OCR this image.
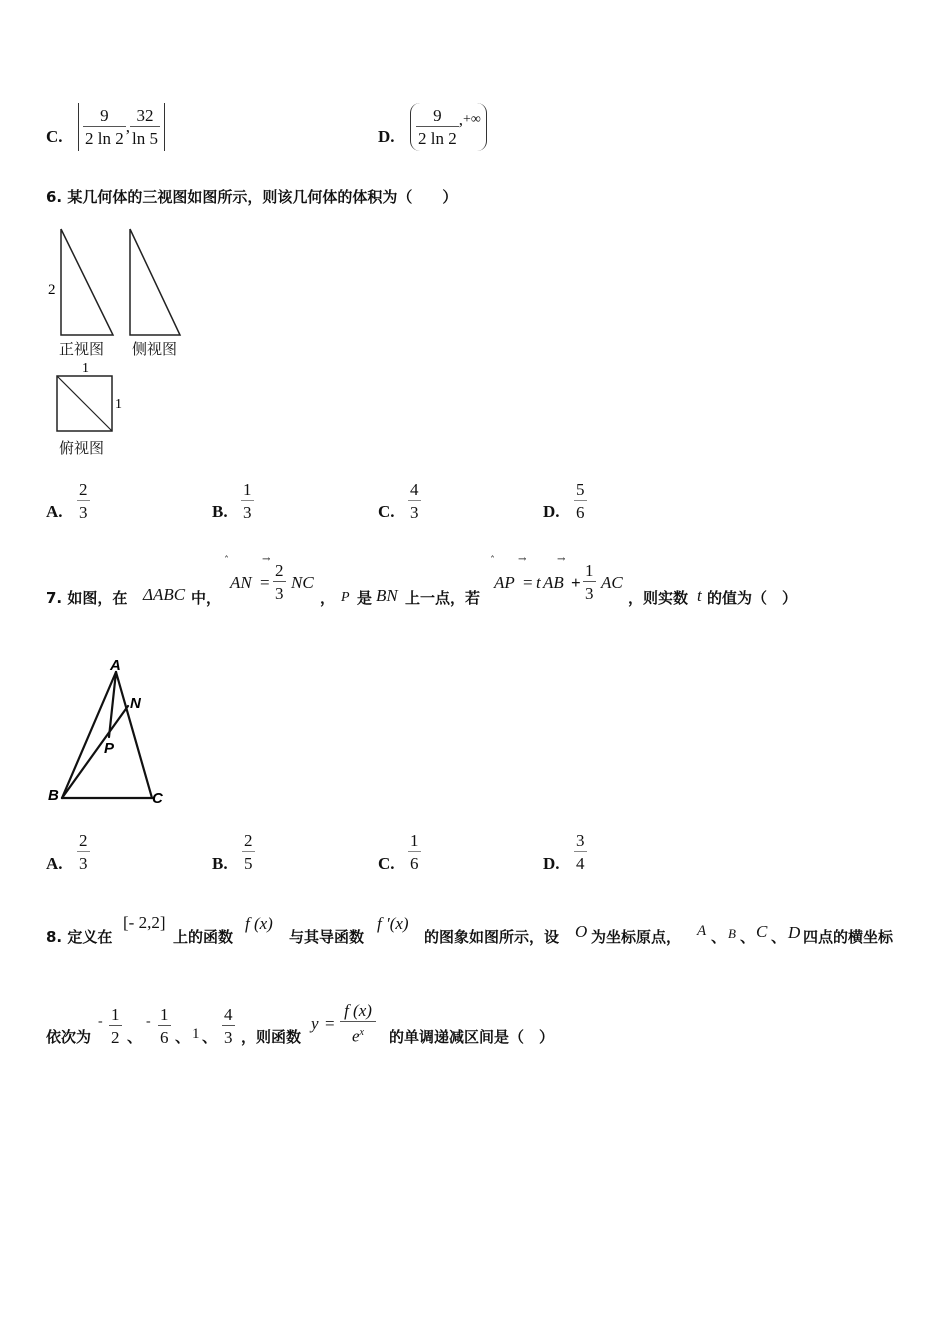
C. $\frac{9}{2 \ln 2}$ , $\frac{32}{\ln 5}$	D. $\frac{9}{2 \ln 2}$ , +∞
6. 某几何体的三视图如图所示，则该几何体的体积为（　　）
2
1
1
正视图 侧视图
俯视图
A. $\frac{2}{3}$	B. $\frac{1}{3}$	C. $\frac{4}{3}$	D. $\frac{5}{6}$
7. 如图，在 ΔABC 中，
ˆ	→
AN = $\frac{2}{3}$ NC
， P 是 BN 上一点，若
ˆ →	→
AP = t AB + $\frac{1}{3}$ AC
，则实数 t 的值为（　）
A
N
P
B	C
A. $\frac{2}{3}$	B. $\frac{2}{5}$	C. $\frac{1}{6}$	D. $\frac{3}{4}$
8. 定义在
[- 2,2]
上的函数
f (x)
与其导函数
f ′(x)
的图象如图所示，设 O 为坐标原点， A 、 B 、 C 、 D 四点的横坐标
依次为
- $\frac{1}{2}$ 、
- $\frac{1}{6}$ 、 1 、 $\frac{4}{3}$ ，则函数
$y = \frac{f (x)}{e^x}$ 的单调递减区间是（　）
